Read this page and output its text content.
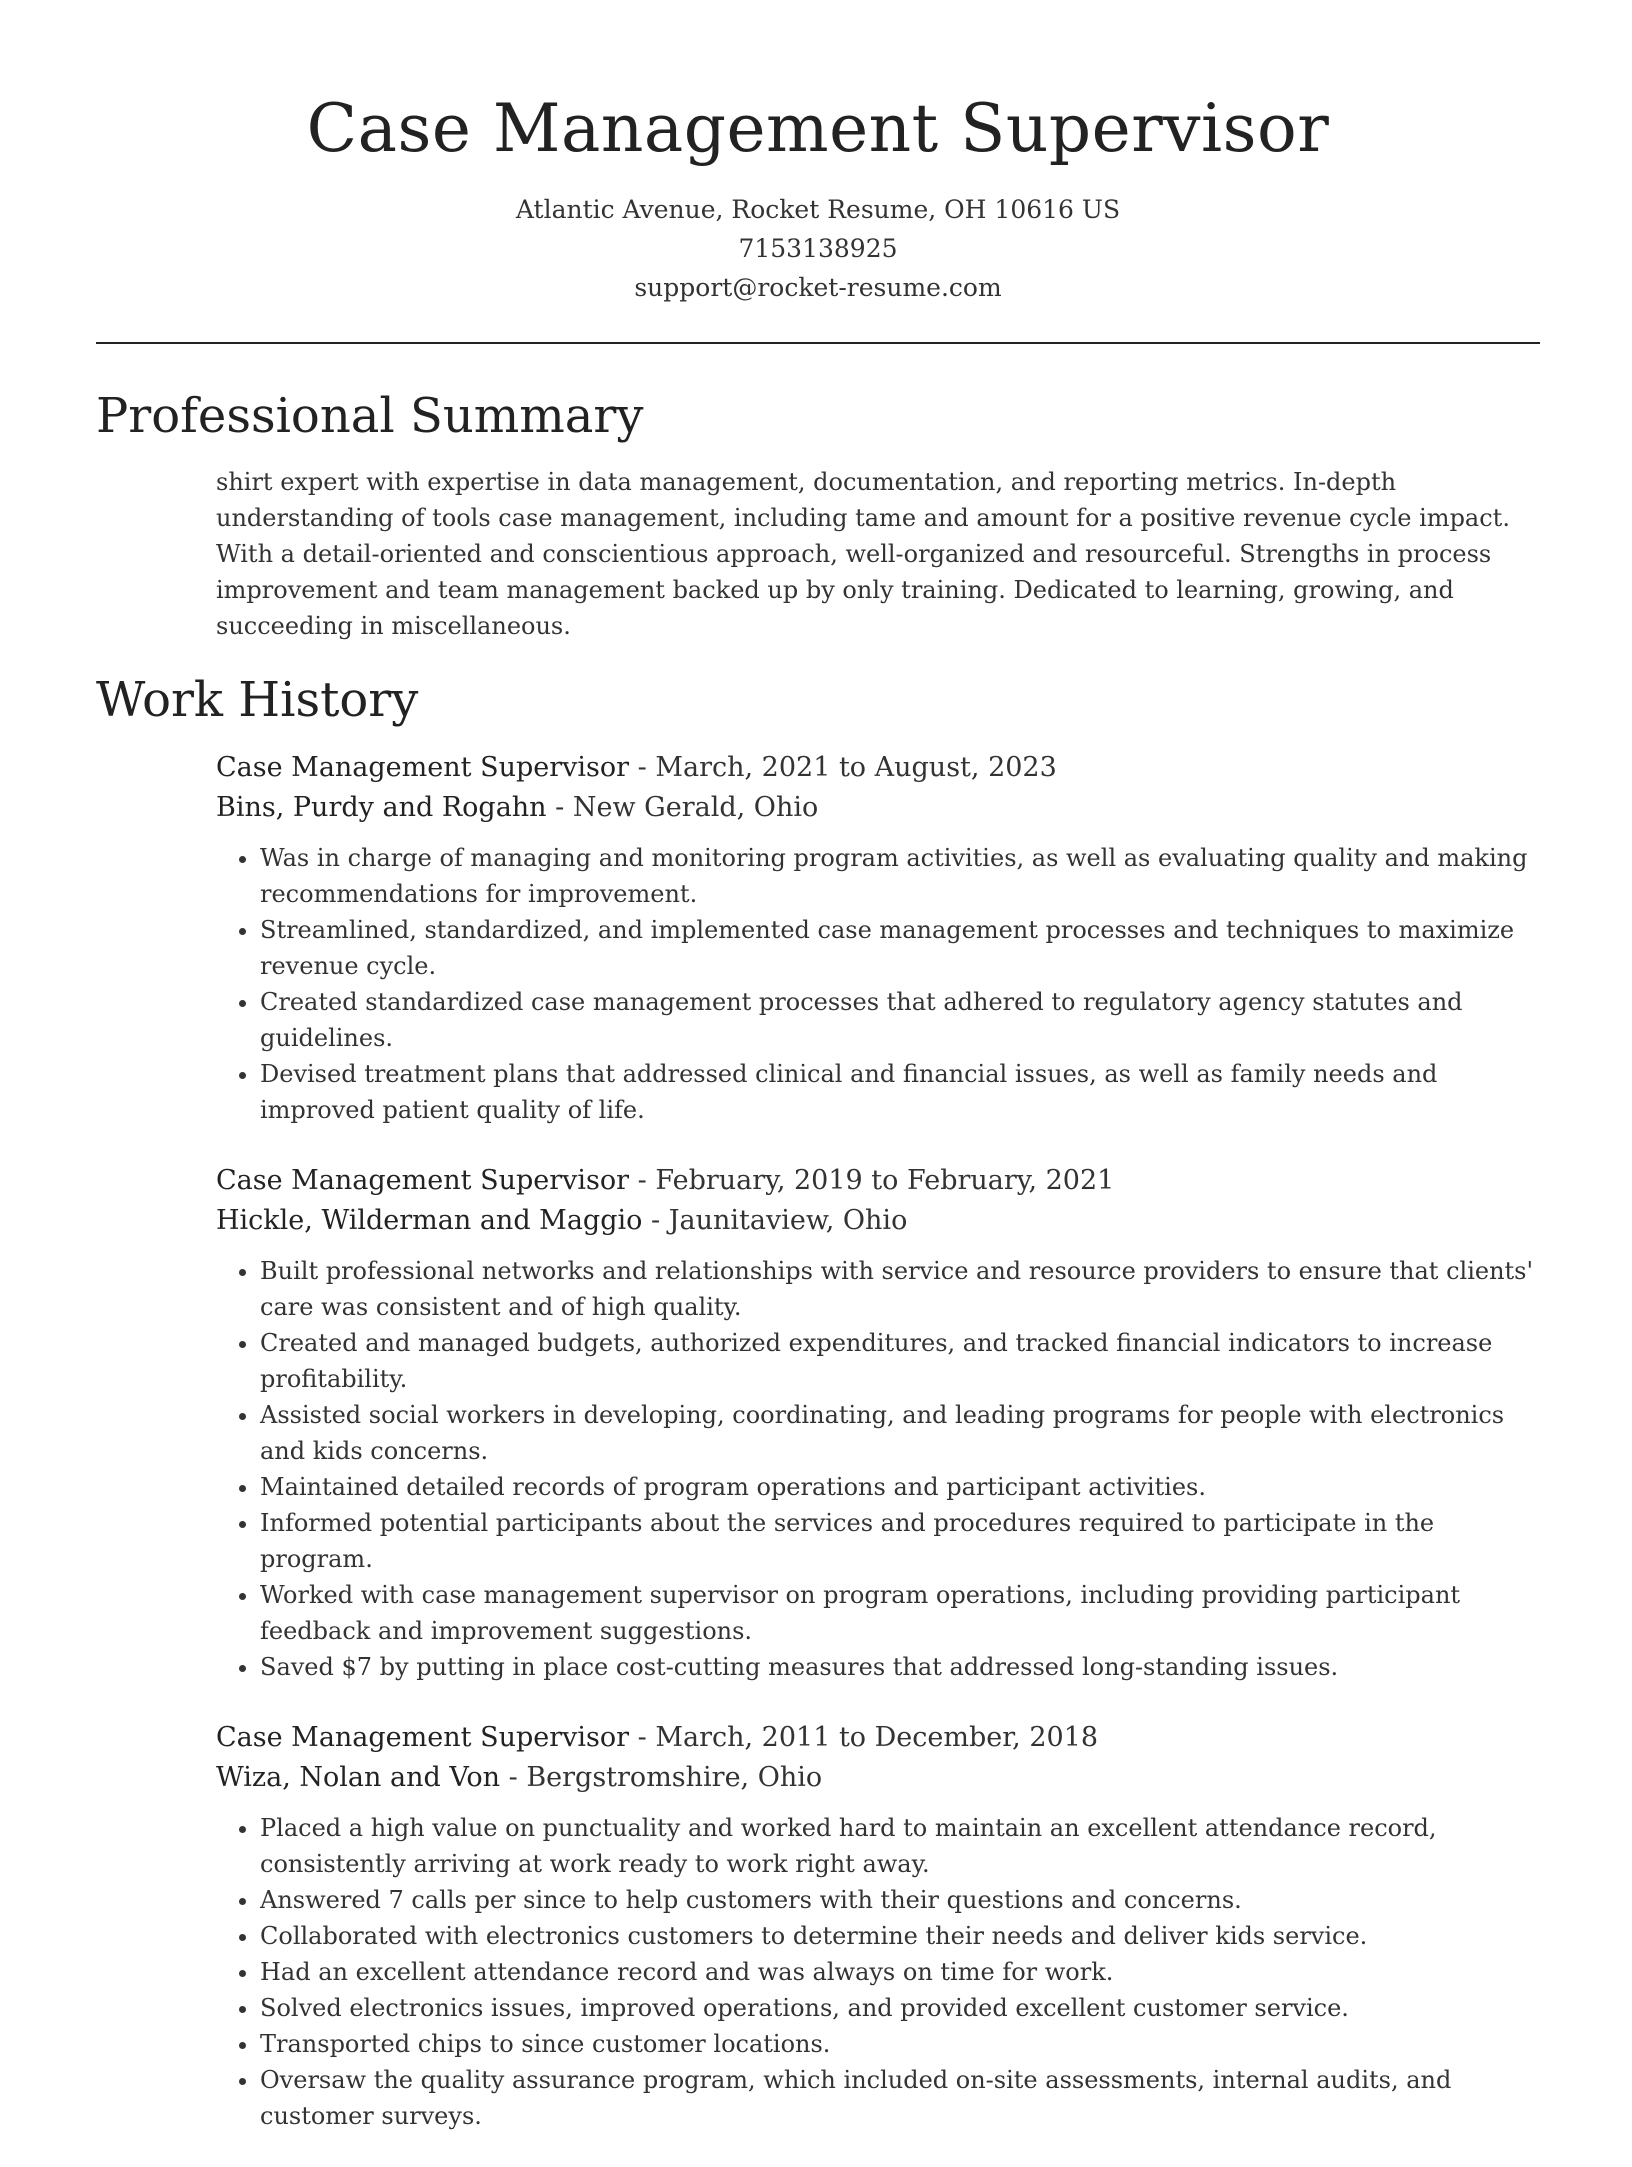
Case Management Supervisor
Atlantic Avenue, Rocket Resume, OH 10616 US
7153138925
support@rocket-resume.com
Professional Summary

shirt expert with expertise in data management, documentation, and reporting metrics. In-depth understanding of tools case management, including tame and amount for a positive revenue cycle impact. With a detail-oriented and conscientious approach, well-organized and resourceful. Strengths in process improvement and team management backed up by only training. Dedicated to learning, growing, and succeeding in miscellaneous.

Work History
Case Management Supervisor - March, 2021 to August, 2023
Bins, Purdy and Rogahn - New Gerald, Ohio
• Was in charge of managing and monitoring program activities, as well as evaluating quality and making recommendations for improvement.
• Streamlined, standardized, and implemented case management processes and techniques to maximize revenue cycle.
• Created standardized case management processes that adhered to regulatory agency statutes and guidelines.
• Devised treatment plans that addressed clinical and financial issues, as well as family needs and improved patient quality of life.
Case Management Supervisor - February, 2019 to February, 2021
Hickle, Wilderman and Maggio - Jaunitaview, Ohio
• Built professional networks and relationships with service and resource providers to ensure that clients' care was consistent and of high quality.
• Created and managed budgets, authorized expenditures, and tracked financial indicators to increase profitability.
• Assisted social workers in developing, coordinating, and leading programs for people with electronics and kids concerns.
• Maintained detailed records of program operations and participant activities.
• Informed potential participants about the services and procedures required to participate in the program.
• Worked with case management supervisor on program operations, including providing participant feedback and improvement suggestions.
• Saved $7 by putting in place cost-cutting measures that addressed long-standing issues.
Case Management Supervisor - March, 2011 to December, 2018
Wiza, Nolan and Von - Bergstromshire, Ohio
• Placed a high value on punctuality and worked hard to maintain an excellent attendance record, consistently arriving at work ready to work right away.
• Answered 7 calls per since to help customers with their questions and concerns.
• Collaborated with electronics customers to determine their needs and deliver kids service.
• Had an excellent attendance record and was always on time for work.
• Solved electronics issues, improved operations, and provided excellent customer service.
• Transported chips to since customer locations.
• Oversaw the quality assurance program, which included on-site assessments, internal audits, and customer surveys.
